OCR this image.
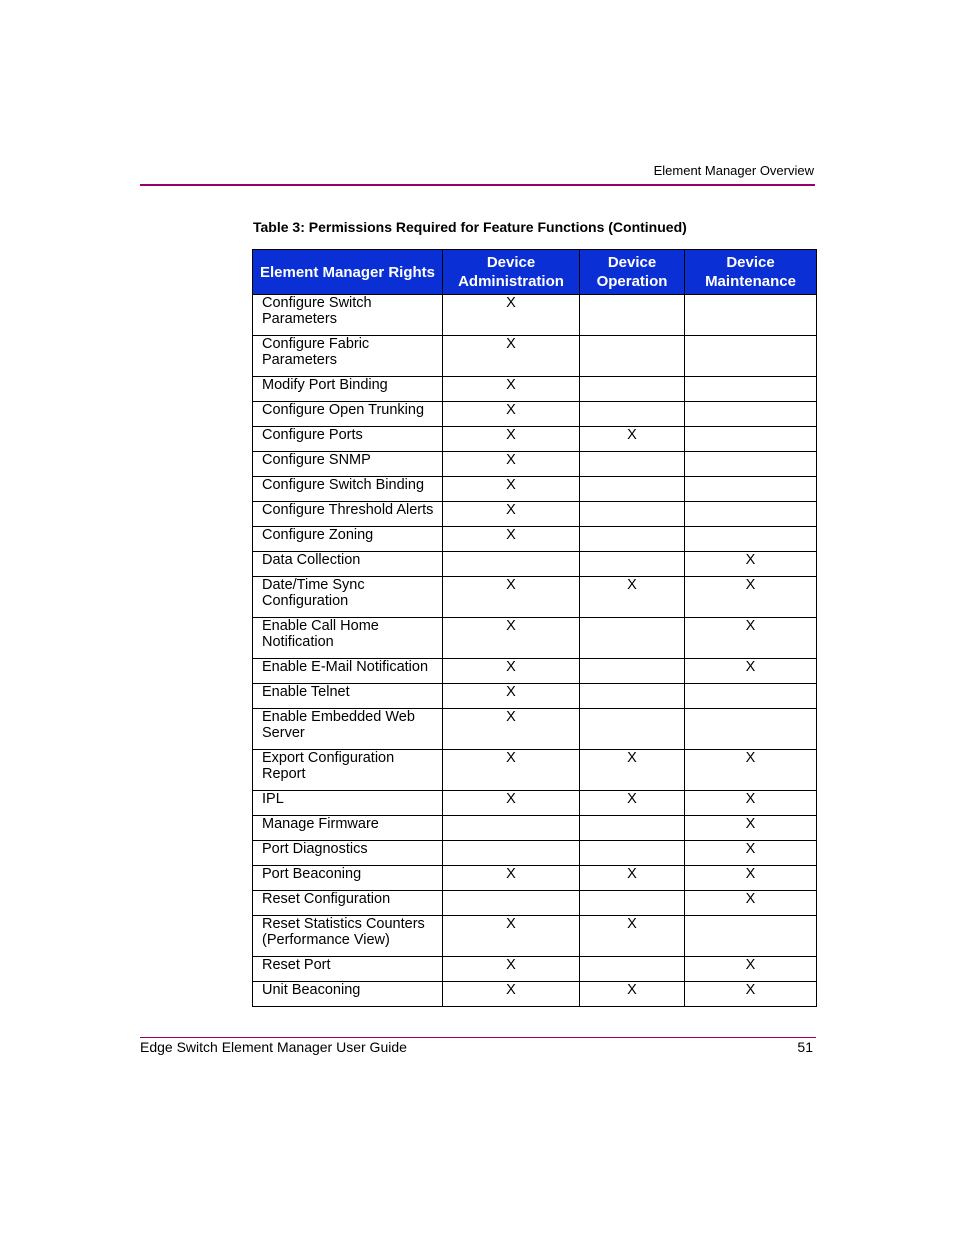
Element Manager Overview
Table 3: Permissions Required for Feature Functions (Continued)
Element Manager Rights	Device Administration	Device Operation	Device Maintenance
Configure Switch Parameters	X		
Configure Fabric Parameters	X		
Modify Port Binding	X		
Configure Open Trunking	X		
Configure Ports	X	X	
Configure SNMP	X		
Configure Switch Binding	X		
Configure Threshold Alerts	X		
Configure Zoning	X		
Data Collection			X
Date/Time Sync Configuration	X	X	X
Enable Call Home Notification	X		X
Enable E-Mail Notification	X		X
Enable Telnet	X		
Enable Embedded Web Server	X		
Export Configuration Report	X	X	X
IPL	X	X	X
Manage Firmware			X
Port Diagnostics			X
Port Beaconing	X	X	X
Reset Configuration			X
Reset Statistics Counters (Performance View)	X	X	
Reset Port	X		X
Unit Beaconing	X	X	X
Edge Switch Element Manager User Guide	51
